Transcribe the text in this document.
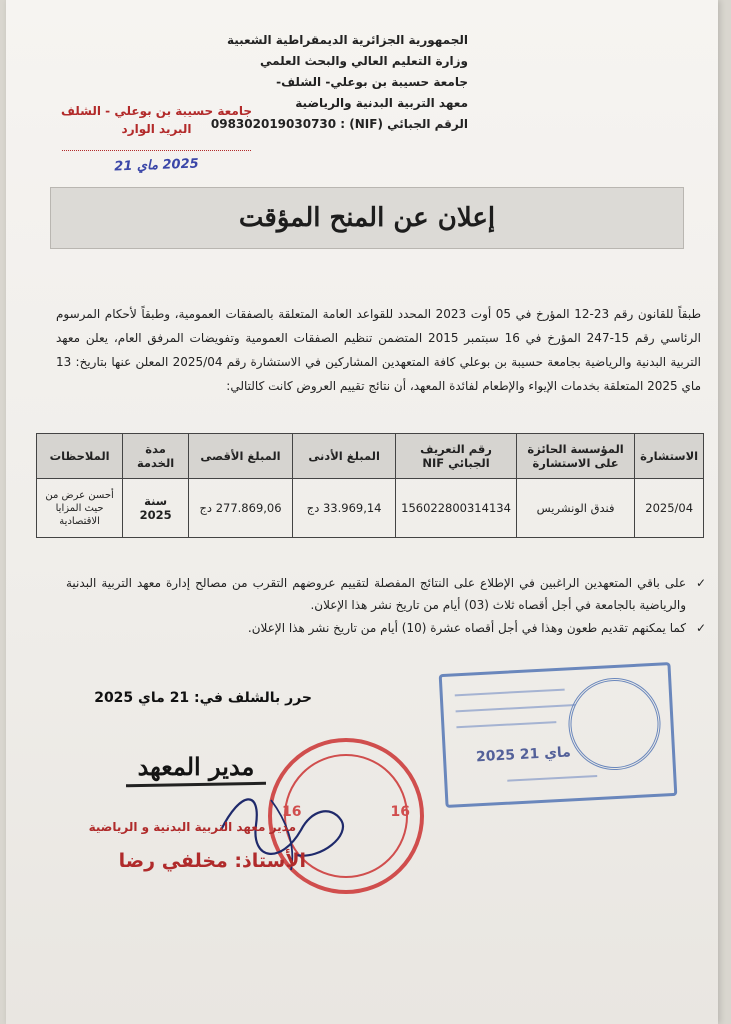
الجمهورية الجزائرية الديمقراطية الشعبية
وزارة التعليم العالي والبحث العلمي
جامعة حسيبة بن بوعلي- الشلف-
معهد التربية البدنية والرياضية
الرقم الجبائي (NIF) : 098302019030730
جامعة حسيبة بن بوعلي - الشلف
البريد الوارد
2025 ماي 21
إعلان عن المنح المؤقت
طبقاً للقانون رقم 23-12 المؤرخ في 05 أوت 2023 المحدد للقواعد العامة المتعلقة بالصفقات العمومية، وطبقاً لأحكام المرسوم الرئاسي رقم 15-247 المؤرخ في 16 سبتمبر 2015 المتضمن تنظيم الصفقات العمومية وتفويضات المرفق العام، يعلن معهد التربية البدنية والرياضية بجامعة حسيبة بن بوعلي كافة المتعهدين المشاركين في الاستشارة رقم 2025/04 المعلن عنها بتاريخ: 13 ماي 2025 المتعلقة بخدمات الإيواء والإطعام لفائدة المعهد، أن نتائج تقييم العروض كانت كالتالي:
الاستشارة	المؤسسة الحائزة على الاستشارة	رقم التعريف الجبائي NIF	المبلغ الأدنى	المبلغ الأقصى	مدة الخدمة	الملاحظات
2025/04	فندق الونشريس	156022800314134	33.969,14 دج	277.869,06 دج	سنة 2025	أحسن عرض من حيث المزايا الاقتصادية
✓
على باقي المتعهدين الراغبين في الإطلاع على النتائج المفصلة لتقييم عروضهم التقرب من مصالح إدارة معهد التربية البدنية والرياضية بالجامعة في أجل أقصاه ثلاث (03) أيام من تاريخ نشر هذا الإعلان.
✓
كما يمكنهم تقديم طعون وهذا في أجل أقصاه عشرة (10) أيام من تاريخ نشر هذا الإعلان.
حرر بالشلف في: 21 ماي 2025
2025 ماي 21
مدير المعهد
16	16
مدير معهد التربية البدنية و الرياضية
الأستاذ: مخلفي رضا
